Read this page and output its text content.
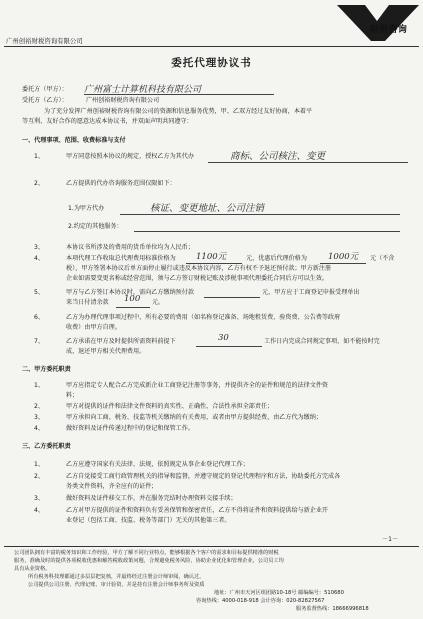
广州创裕财税咨询有限公司
Y
财税咨询
委托代理协议书
委托方（甲方）： 广州富士计算机科技有限公司
受托方（乙方）：	广州创裕财税咨询有限公司
为了充分发挥广州创裕财税咨询有限公司的资源和信息服务优势，甲、乙双方经过友好协商，本着平
等互利、友好合作的愿意达成本协议书，并双面声明共同遵守：
一、代理事项、范围、收费标准与支付
1、	甲方同意按照本协议的规定，授权乙方为其代办	商标、公司核注、变更
2、	乙方提供的代办咨询服务范围仅限如下：
1.为甲方代办	核证、变更地址、公司注销
2.约定的其他服务：
3、	本协议书所涉及的费用的货币单位均为人民币；
4、	本项代理工作收取总代理费用标准价格为 1100元	元，优惠后代理价格为 1000元 元（不含
税），甲方签署本协议后单方面停止履行或违反本协议内容，乙方有权不予退还预付款；甲方新注册
企业如需要变更名称或经营范围，须与乙方签订财税记账及涉税事项代理委托合同后方可以生效。
5、	甲方与乙方签订本协议时，需向乙方缴纳预付款	元，甲方应于工商登记申报受理单出
来当日付清余款 100 元。
6、	乙方为办理代理事项过程中，所有必要的费用（如名称登记准备、场地租赁费、验资费、公告费等政府
收费）由甲方自理。
7、	乙方承诺在甲方及时提供所需资料前提下	30	工作日内完成合同规定事项，如不能按时完
成，退还甲方相关代理费用。
二、甲方委托职责
1、	甲方应指定专人配合乙方完成新企业工商登记注册等事务，并提供齐全的证件和规范的法律文件资
料；
2、	甲方对提供的证件和法律文件资料的真实性、正确性、合法性承担全部责任；
3、	甲方承担向工商、税务、技监等机关缴纳的有关费用，或者由甲方提供经费，由乙方代为缴纳；
4、	做好资料及证件传递过程中的登记和保管工作。
三、乙方委托职责
1、	乙方应遵守国家有关法律、法规，依照规定从事企业登记代理工作；
2、	乙方自觉接受工商行政管理机关的指导和监督，并遵守规定的登记代理程序和方法，协助委托方完成各
务类文件资料，齐全应有的证件；
3、	做好资料及证件移交工作，并在服务完结时办理资料交接手续；
4、	乙方对甲方提供的证件和资料负有妥善保管和保密责任，乙方不得将证件和资料提供给与新企业开
业登记（包括工商、技监、税务等部门）无关的其他第三者。
－1－
公司团队拥有丰富的税务知识和工作经验，甲方了解不同行业特点，能够根据各个客户的需求和目标提供精准的财税
服务，准确及时的提供各项税收优惠和解答税收政策问题，合规避免税务风险，协助企业优化和管理企业，公司员工均
具有从业资格。
所有税务科技理都通过多层层把复核，并最终经过注册会计师审阅，确认过。
公司提供公司注册、代理记账、审计验资，并是持有注册会计师事务所及资质
地址：广州市天河区组团路10-18号 邮编编号：510680
咨询热线：4000-018-918 会计咨询：020-82827567
服务监督热线：18666996818
